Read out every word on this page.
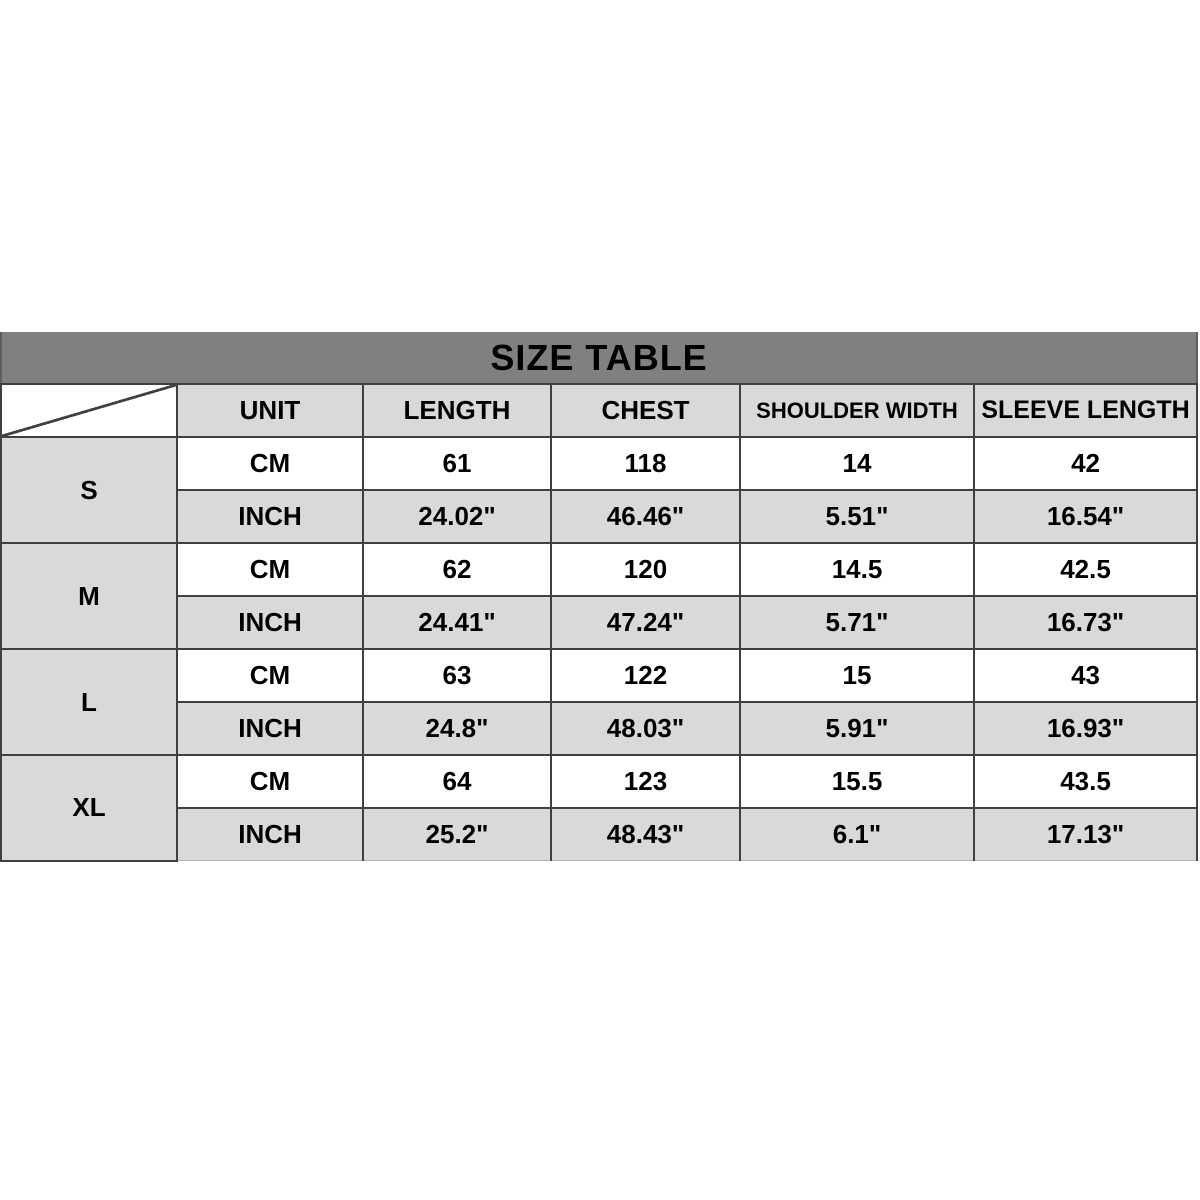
SIZE TABLE					
	UNIT	LENGTH	CHEST	SHOULDER WIDTH	SLEEVE LENGTH
S	CM	61	118	14	42
	INCH	24.02"	46.46"	5.51"	16.54"
M	CM	62	120	14.5	42.5
	INCH	24.41"	47.24"	5.71"	16.73"
L	CM	63	122	15	43
	INCH	24.8"	48.03"	5.91"	16.93"
XL	CM	64	123	15.5	43.5
	INCH	25.2"	48.43"	6.1"	17.13"
